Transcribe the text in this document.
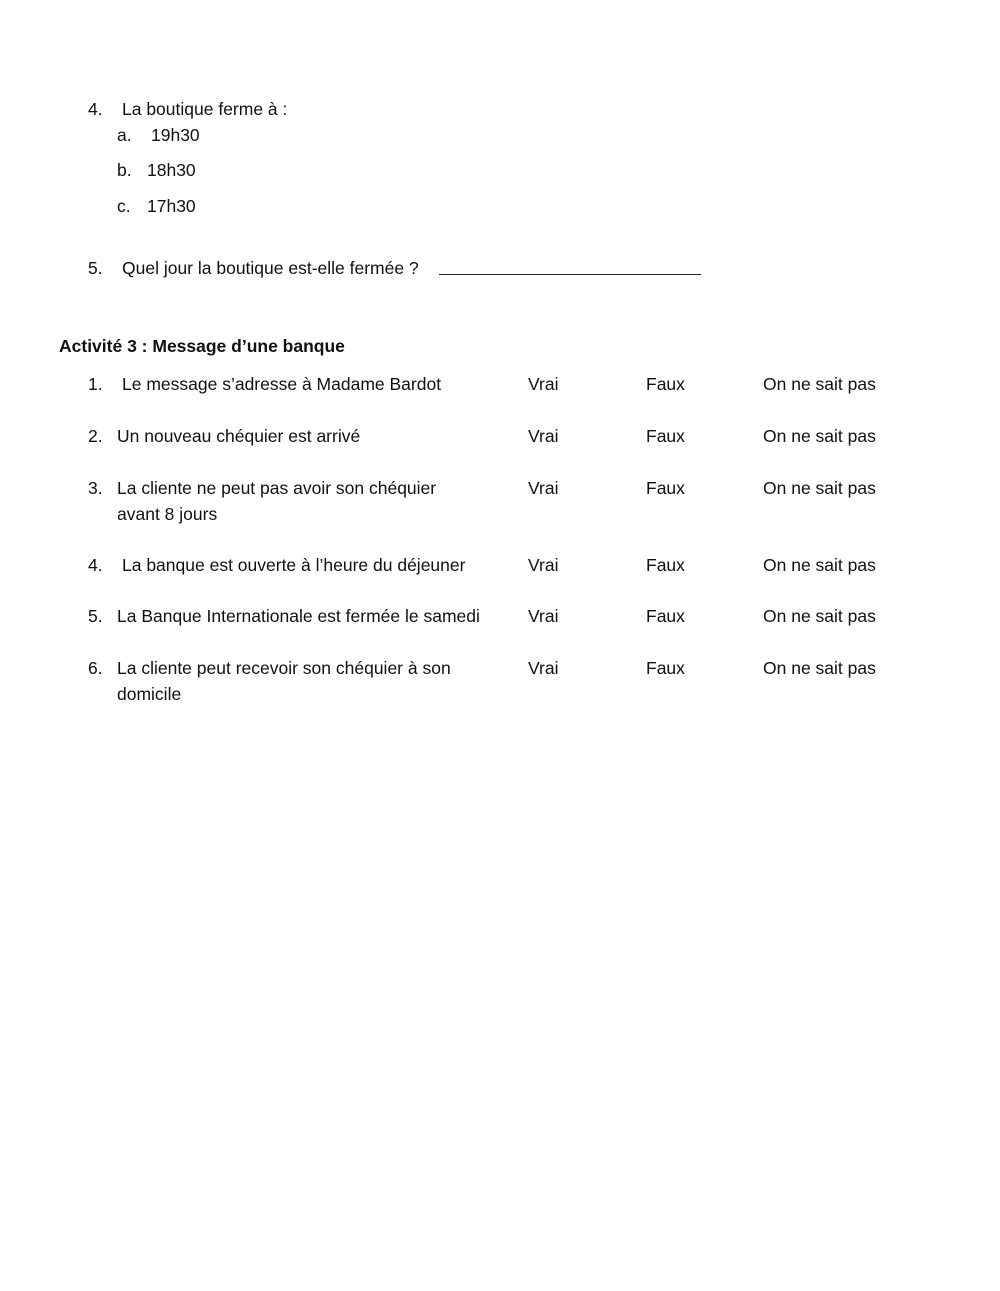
4. La boutique ferme à :
a. 19h30
b. 18h30
c. 17h30
5. Quel jour la boutique est-elle fermée ?
Activité 3 : Message d’une banque
1. Le message s’adresse à Madame Bardot	Vrai	Faux	On ne sait pas
2. Un nouveau chéquier est arrivé	Vrai	Faux	On ne sait pas
3. La cliente ne peut pas avoir son chéquier
avant 8 jours
Vrai	Faux	On ne sait pas
4. La banque est ouverte à l’heure du déjeuner	Vrai	Faux	On ne sait pas
5. La Banque Internationale est fermée le samedi	Vrai	Faux	On ne sait pas
6. La cliente peut recevoir son chéquier à son
domicile
Vrai	Faux	On ne sait pas
